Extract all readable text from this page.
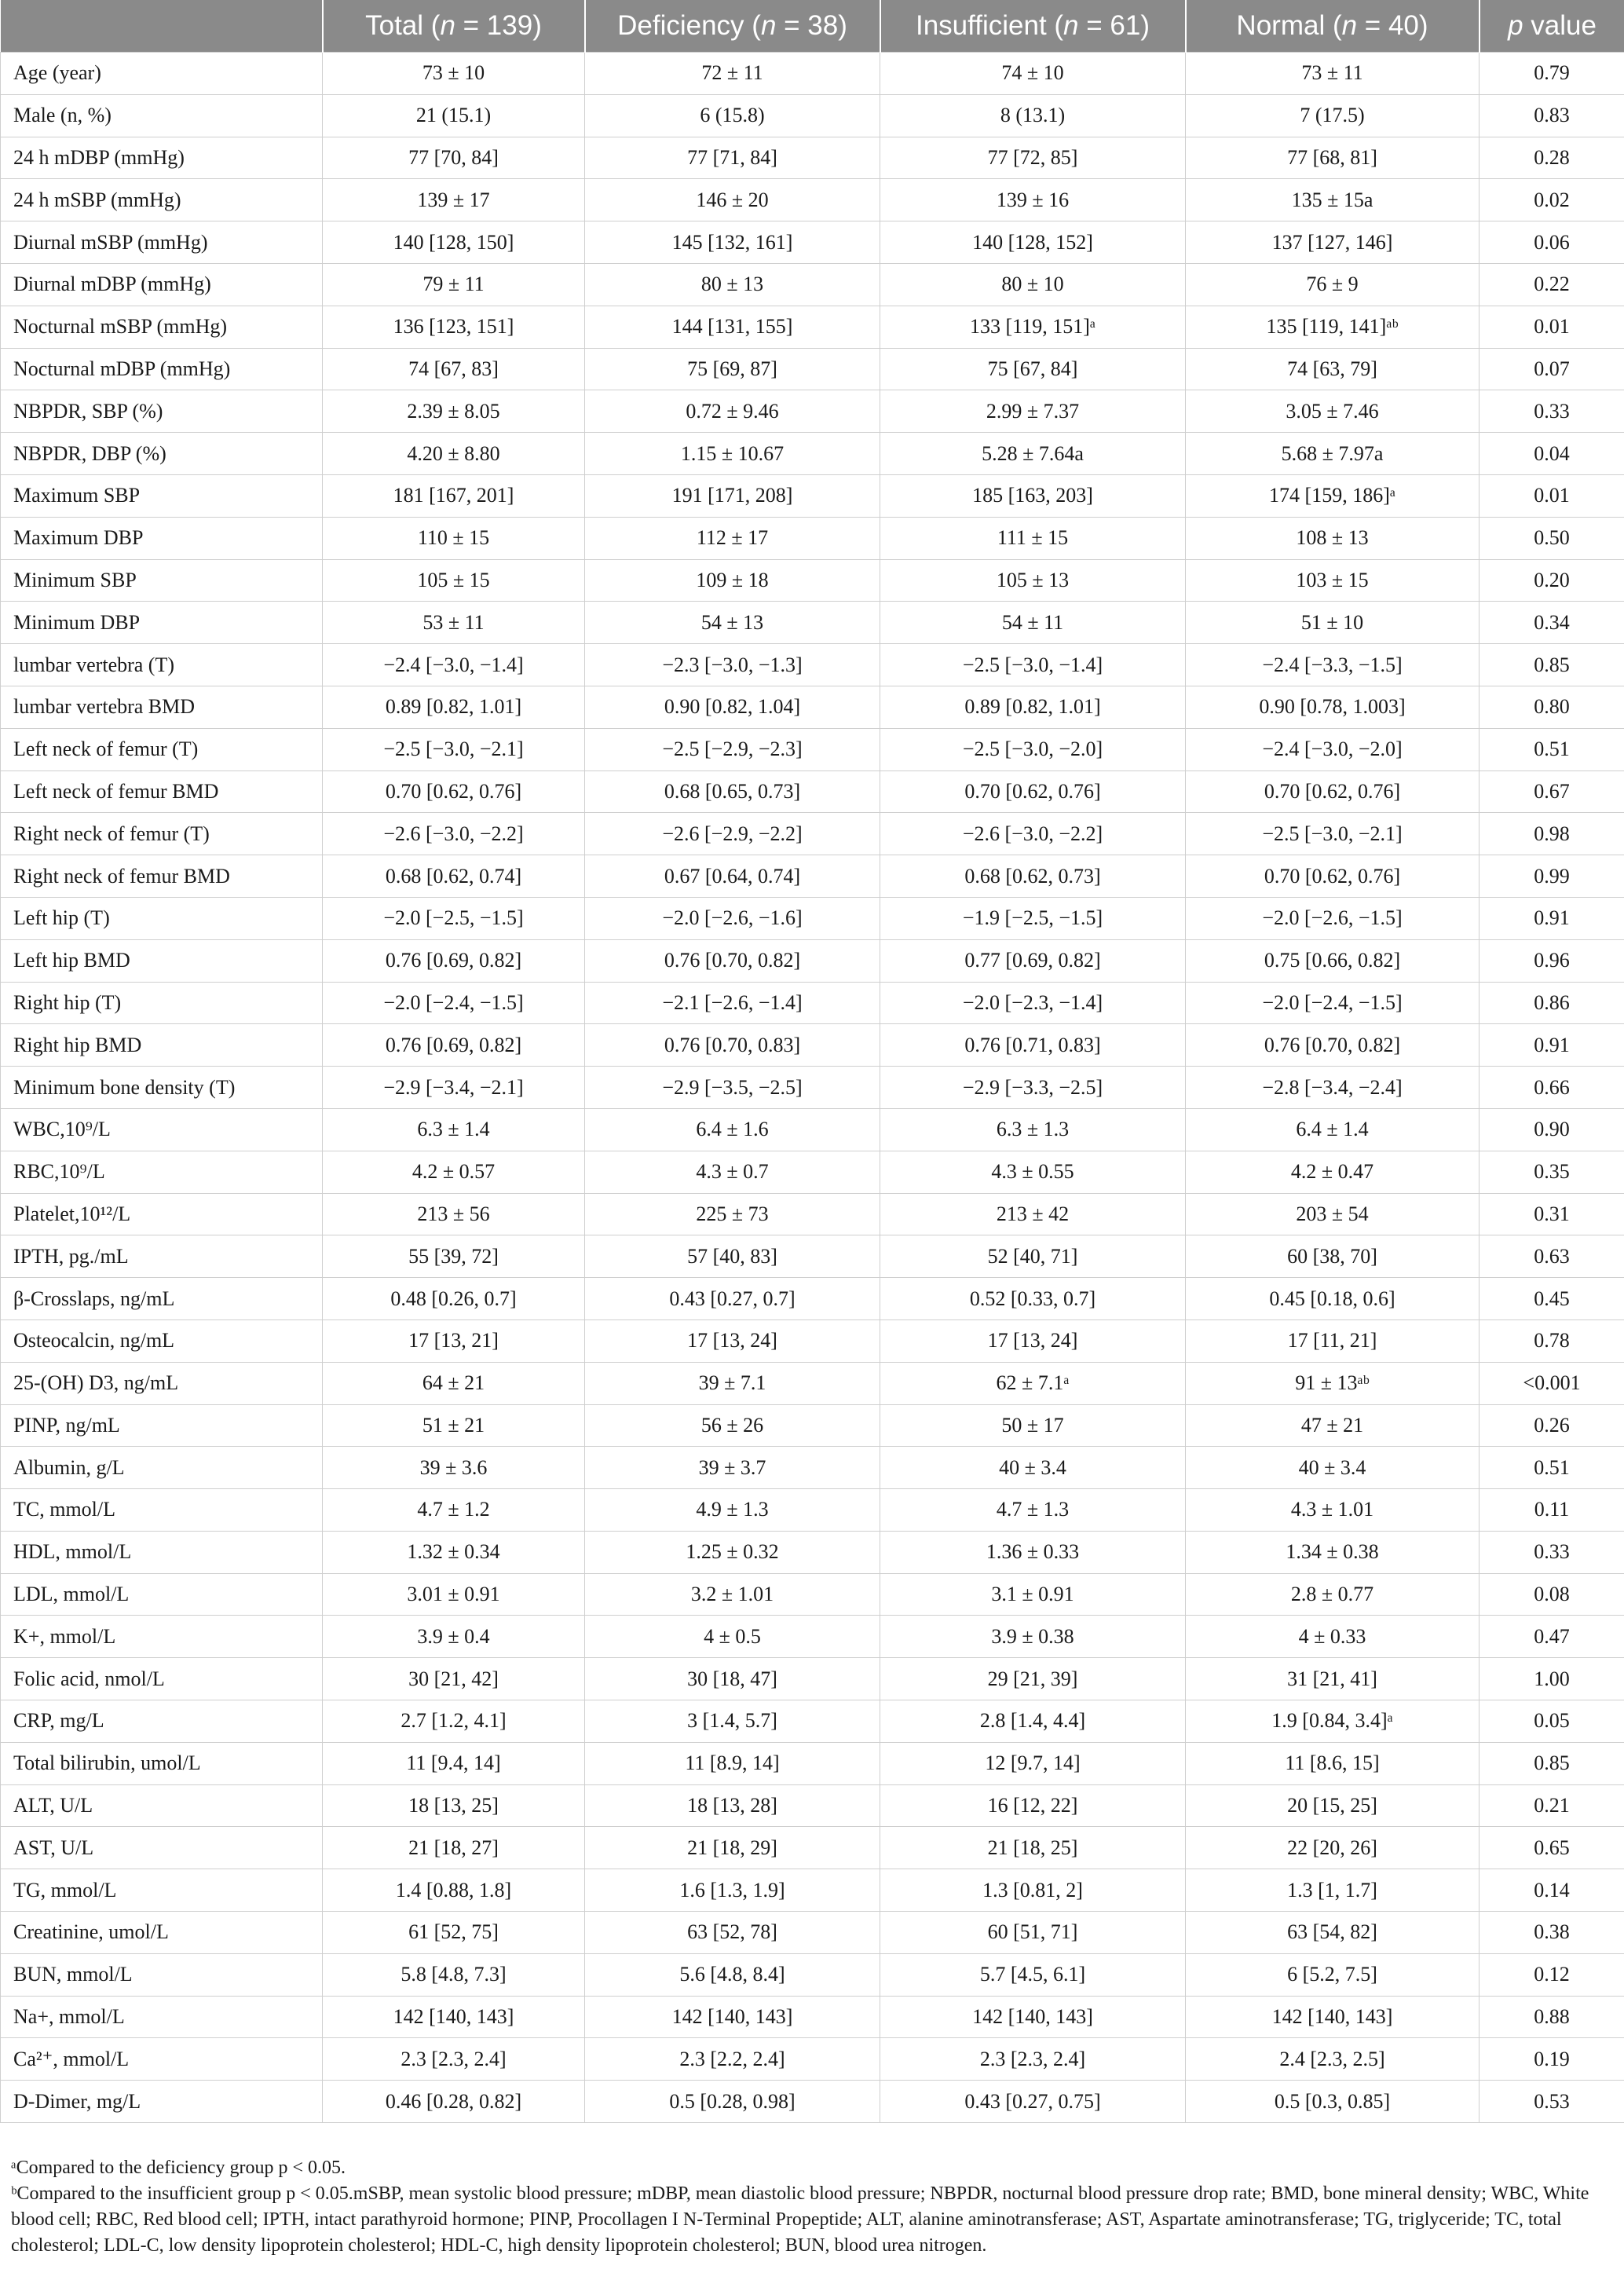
	Total (n = 139)	Deficiency (n = 38)	Insufficient (n = 61)	Normal (n = 40)	p value
Age (year)	73 ± 10	72 ± 11	74 ± 10	73 ± 11	0.79
Male (n, %)	21 (15.1)	6 (15.8)	8 (13.1)	7 (17.5)	0.83
24 h mDBP (mmHg)	77 [70, 84]	77 [71, 84]	77 [72, 85]	77 [68, 81]	0.28
24 h mSBP (mmHg)	139 ± 17	146 ± 20	139 ± 16	135 ± 15a	0.02
Diurnal mSBP (mmHg)	140 [128, 150]	145 [132, 161]	140 [128, 152]	137 [127, 146]	0.06
Diurnal mDBP (mmHg)	79 ± 11	80 ± 13	80 ± 10	76 ± 9	0.22
Nocturnal mSBP (mmHg)	136 [123, 151]	144 [131, 155]	133 [119, 151]ᵃ	135 [119, 141]ᵃᵇ	0.01
Nocturnal mDBP (mmHg)	74 [67, 83]	75 [69, 87]	75 [67, 84]	74 [63, 79]	0.07
NBPDR, SBP (%)	2.39 ± 8.05	0.72 ± 9.46	2.99 ± 7.37	3.05 ± 7.46	0.33
NBPDR, DBP (%)	4.20 ± 8.80	1.15 ± 10.67	5.28 ± 7.64a	5.68 ± 7.97a	0.04
Maximum SBP	181 [167, 201]	191 [171, 208]	185 [163, 203]	174 [159, 186]ᵃ	0.01
Maximum DBP	110 ± 15	112 ± 17	111 ± 15	108 ± 13	0.50
Minimum SBP	105 ± 15	109 ± 18	105 ± 13	103 ± 15	0.20
Minimum DBP	53 ± 11	54 ± 13	54 ± 11	51 ± 10	0.34
lumbar vertebra (T)	−2.4 [−3.0, −1.4]	−2.3 [−3.0, −1.3]	−2.5 [−3.0, −1.4]	−2.4 [−3.3, −1.5]	0.85
lumbar vertebra BMD	0.89 [0.82, 1.01]	0.90 [0.82, 1.04]	0.89 [0.82, 1.01]	0.90 [0.78, 1.003]	0.80
Left neck of femur (T)	−2.5 [−3.0, −2.1]	−2.5 [−2.9, −2.3]	−2.5 [−3.0, −2.0]	−2.4 [−3.0, −2.0]	0.51
Left neck of femur BMD	0.70 [0.62, 0.76]	0.68 [0.65, 0.73]	0.70 [0.62, 0.76]	0.70 [0.62, 0.76]	0.67
Right neck of femur (T)	−2.6 [−3.0, −2.2]	−2.6 [−2.9, −2.2]	−2.6 [−3.0, −2.2]	−2.5 [−3.0, −2.1]	0.98
Right neck of femur BMD	0.68 [0.62, 0.74]	0.67 [0.64, 0.74]	0.68 [0.62, 0.73]	0.70 [0.62, 0.76]	0.99
Left hip (T)	−2.0 [−2.5, −1.5]	−2.0 [−2.6, −1.6]	−1.9 [−2.5, −1.5]	−2.0 [−2.6, −1.5]	0.91
Left hip BMD	0.76 [0.69, 0.82]	0.76 [0.70, 0.82]	0.77 [0.69, 0.82]	0.75 [0.66, 0.82]	0.96
Right hip (T)	−2.0 [−2.4, −1.5]	−2.1 [−2.6, −1.4]	−2.0 [−2.3, −1.4]	−2.0 [−2.4, −1.5]	0.86
Right hip BMD	0.76 [0.69, 0.82]	0.76 [0.70, 0.83]	0.76 [0.71, 0.83]	0.76 [0.70, 0.82]	0.91
Minimum bone density (T)	−2.9 [−3.4, −2.1]	−2.9 [−3.5, −2.5]	−2.9 [−3.3, −2.5]	−2.8 [−3.4, −2.4]	0.66
WBC,10⁹/L	6.3 ± 1.4	6.4 ± 1.6	6.3 ± 1.3	6.4 ± 1.4	0.90
RBC,10⁹/L	4.2 ± 0.57	4.3 ± 0.7	4.3 ± 0.55	4.2 ± 0.47	0.35
Platelet,10¹²/L	213 ± 56	225 ± 73	213 ± 42	203 ± 54	0.31
IPTH, pg./mL	55 [39, 72]	57 [40, 83]	52 [40, 71]	60 [38, 70]	0.63
β-Crosslaps, ng/mL	0.48 [0.26, 0.7]	0.43 [0.27, 0.7]	0.52 [0.33, 0.7]	0.45 [0.18, 0.6]	0.45
Osteocalcin, ng/mL	17 [13, 21]	17 [13, 24]	17 [13, 24]	17 [11, 21]	0.78
25-(OH) D3, ng/mL	64 ± 21	39 ± 7.1	62 ± 7.1ᵃ	91 ± 13ᵃᵇ	<0.001
PINP, ng/mL	51 ± 21	56 ± 26	50 ± 17	47 ± 21	0.26
Albumin, g/L	39 ± 3.6	39 ± 3.7	40 ± 3.4	40 ± 3.4	0.51
TC, mmol/L	4.7 ± 1.2	4.9 ± 1.3	4.7 ± 1.3	4.3 ± 1.01	0.11
HDL, mmol/L	1.32 ± 0.34	1.25 ± 0.32	1.36 ± 0.33	1.34 ± 0.38	0.33
LDL, mmol/L	3.01 ± 0.91	3.2 ± 1.01	3.1 ± 0.91	2.8 ± 0.77	0.08
K+, mmol/L	3.9 ± 0.4	4 ± 0.5	3.9 ± 0.38	4 ± 0.33	0.47
Folic acid, nmol/L	30 [21, 42]	30 [18, 47]	29 [21, 39]	31 [21, 41]	1.00
CRP, mg/L	2.7 [1.2, 4.1]	3 [1.4, 5.7]	2.8 [1.4, 4.4]	1.9 [0.84, 3.4]ᵃ	0.05
Total bilirubin, umol/L	11 [9.4, 14]	11 [8.9, 14]	12 [9.7, 14]	11 [8.6, 15]	0.85
ALT, U/L	18 [13, 25]	18 [13, 28]	16 [12, 22]	20 [15, 25]	0.21
AST, U/L	21 [18, 27]	21 [18, 29]	21 [18, 25]	22 [20, 26]	0.65
TG, mmol/L	1.4 [0.88, 1.8]	1.6 [1.3, 1.9]	1.3 [0.81, 2]	1.3 [1, 1.7]	0.14
Creatinine, umol/L	61 [52, 75]	63 [52, 78]	60 [51, 71]	63 [54, 82]	0.38
BUN, mmol/L	5.8 [4.8, 7.3]	5.6 [4.8, 8.4]	5.7 [4.5, 6.1]	6 [5.2, 7.5]	0.12
Na+, mmol/L	142 [140, 143]	142 [140, 143]	142 [140, 143]	142 [140, 143]	0.88
Ca²⁺, mmol/L	2.3 [2.3, 2.4]	2.3 [2.2, 2.4]	2.3 [2.3, 2.4]	2.4 [2.3, 2.5]	0.19
D-Dimer, mg/L	0.46 [0.28, 0.82]	0.5 [0.28, 0.98]	0.43 [0.27, 0.75]	0.5 [0.3, 0.85]	0.53

ᵃCompared to the deficiency group p < 0.05.

ᵇCompared to the insufficient group p < 0.05.mSBP, mean systolic blood pressure; mDBP, mean diastolic blood pressure; NBPDR, nocturnal blood pressure drop rate; BMD, bone mineral density; WBC, White blood cell; RBC, Red blood cell; IPTH, intact parathyroid hormone; PINP, Procollagen I N-Terminal Propeptide; ALT, alanine aminotransferase; AST, Aspartate aminotransferase; TG, triglyceride; TC, total cholesterol; LDL-C, low density lipoprotein cholesterol; HDL-C, high density lipoprotein cholesterol; BUN, blood urea nitrogen.
